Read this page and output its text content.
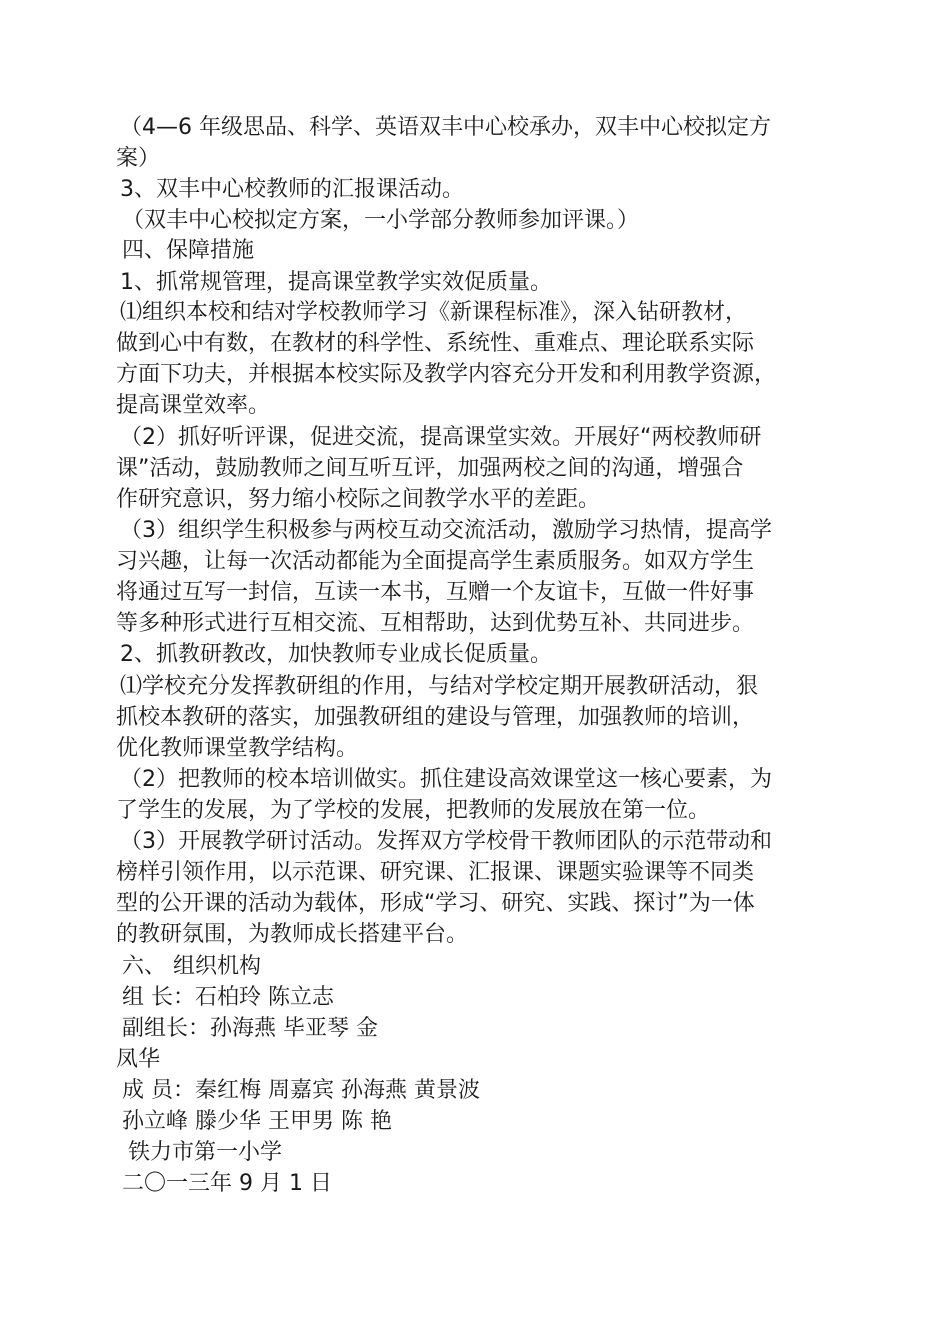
（4—6 年级思品、科学、英语双丰中心校承办，双丰中心校拟定方
案）
3、双丰中心校教师的汇报课活动。
（双丰中心校拟定方案，一小学部分教师参加评课。）
四、保障措施
1、抓常规管理，提高课堂教学实效促质量。
⑴组织本校和结对学校教师学习《新课程标准》，深入钻研教材，
做到心中有数，在教材的科学性、系统性、重难点、理论联系实际
方面下功夫，并根据本校实际及教学内容充分开发和利用教学资源，
提高课堂效率。
（2）抓好听评课，促进交流，提高课堂实效。开展好“两校教师研
课”活动，鼓励教师之间互听互评，加强两校之间的沟通，增强合
作研究意识，努力缩小校际之间教学水平的差距。
（3）组织学生积极参与两校互动交流活动，激励学习热情，提高学
习兴趣，让每一次活动都能为全面提高学生素质服务。如双方学生
将通过互写一封信，互读一本书，互赠一个友谊卡，互做一件好事
等多种形式进行互相交流、互相帮助，达到优势互补、共同进步。
2、抓教研教改，加快教师专业成长促质量。
⑴学校充分发挥教研组的作用，与结对学校定期开展教研活动，狠
抓校本教研的落实，加强教研组的建设与管理，加强教师的培训，
优化教师课堂教学结构。
（2）把教师的校本培训做实。抓住建设高效课堂这一核心要素，为
了学生的发展，为了学校的发展，把教师的发展放在第一位。
（3）开展教学研讨活动。发挥双方学校骨干教师团队的示范带动和
榜样引领作用，以示范课、研究课、汇报课、课题实验课等不同类
型的公开课的活动为载体，形成“学习、研究、实践、探讨”为一体
的教研氛围，为教师成长搭建平台。
六、 组织机构
组 长：石柏玲 陈立志
副组长：孙海燕 毕亚琴 金
凤华
成 员：秦红梅 周嘉宾 孙海燕 黄景波
孙立峰 滕少华 王甲男 陈 艳
铁力市第一小学
二〇一三年 9 月 1 日
